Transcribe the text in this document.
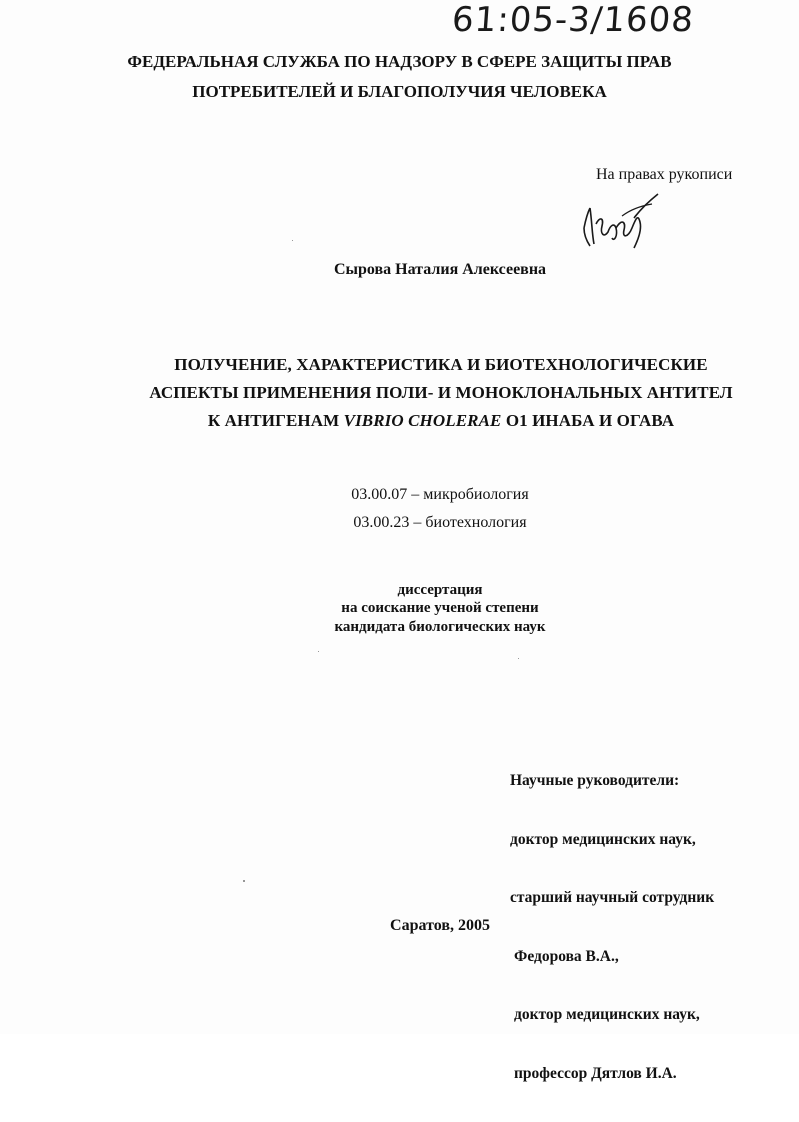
61:05-3/1608
ФЕДЕРАЛЬНАЯ СЛУЖБА ПО НАДЗОРУ В СФЕРЕ ЗАЩИТЫ ПРАВ
ПОТРЕБИТЕЛЕЙ И БЛАГОПОЛУЧИЯ ЧЕЛОВЕКА
На правах рукописи
Сырова Наталия Алексеевна
ПОЛУЧЕНИЕ, ХАРАКТЕРИСТИКА И БИОТЕХНОЛОГИЧЕСКИЕ
АСПЕКТЫ ПРИМЕНЕНИЯ ПОЛИ- И МОНОКЛОНАЛЬНЫХ АНТИТЕЛ
К АНТИГЕНАМ VIBRIO CHOLERAE O1 ИНАБА И ОГАВА
03.00.07 – микробиология
03.00.23 – биотехнология
диссертация
на соискание ученой степени
кандидата биологических наук

Научные руководители:

доктор медицинских наук,

старший научный сотрудник

Федорова В.А.,

доктор медицинских наук,

профессор Дятлов И.А.

Саратов, 2005
